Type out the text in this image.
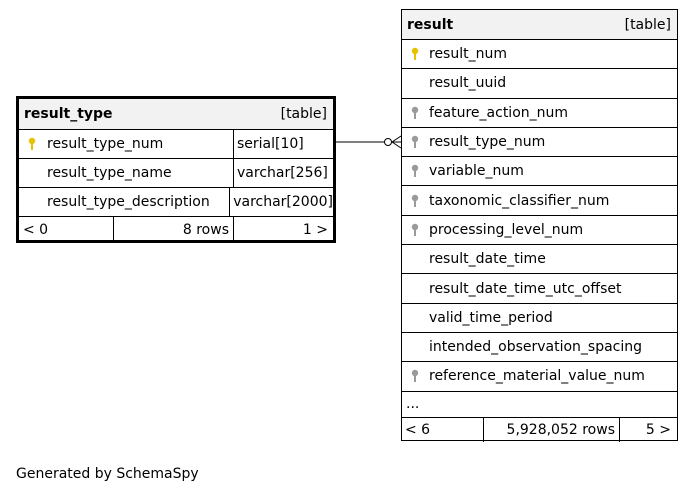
result_type	[table]
result_type_num	serial[10]
result_type_name	varchar[256]
result_type_description varchar[2000]
< 0	8 rows	1 >
result	[table]
result_num
result_uuid
feature_action_num
result_type_num
variable_num
taxonomic_classifier_num
processing_level_num
result_date_time
result_date_time_utc_offset
valid_time_period
intended_observation_spacing
reference_material_value_num
...
< 6	5,928,052 rows	5 >
Generated by SchemaSpy
